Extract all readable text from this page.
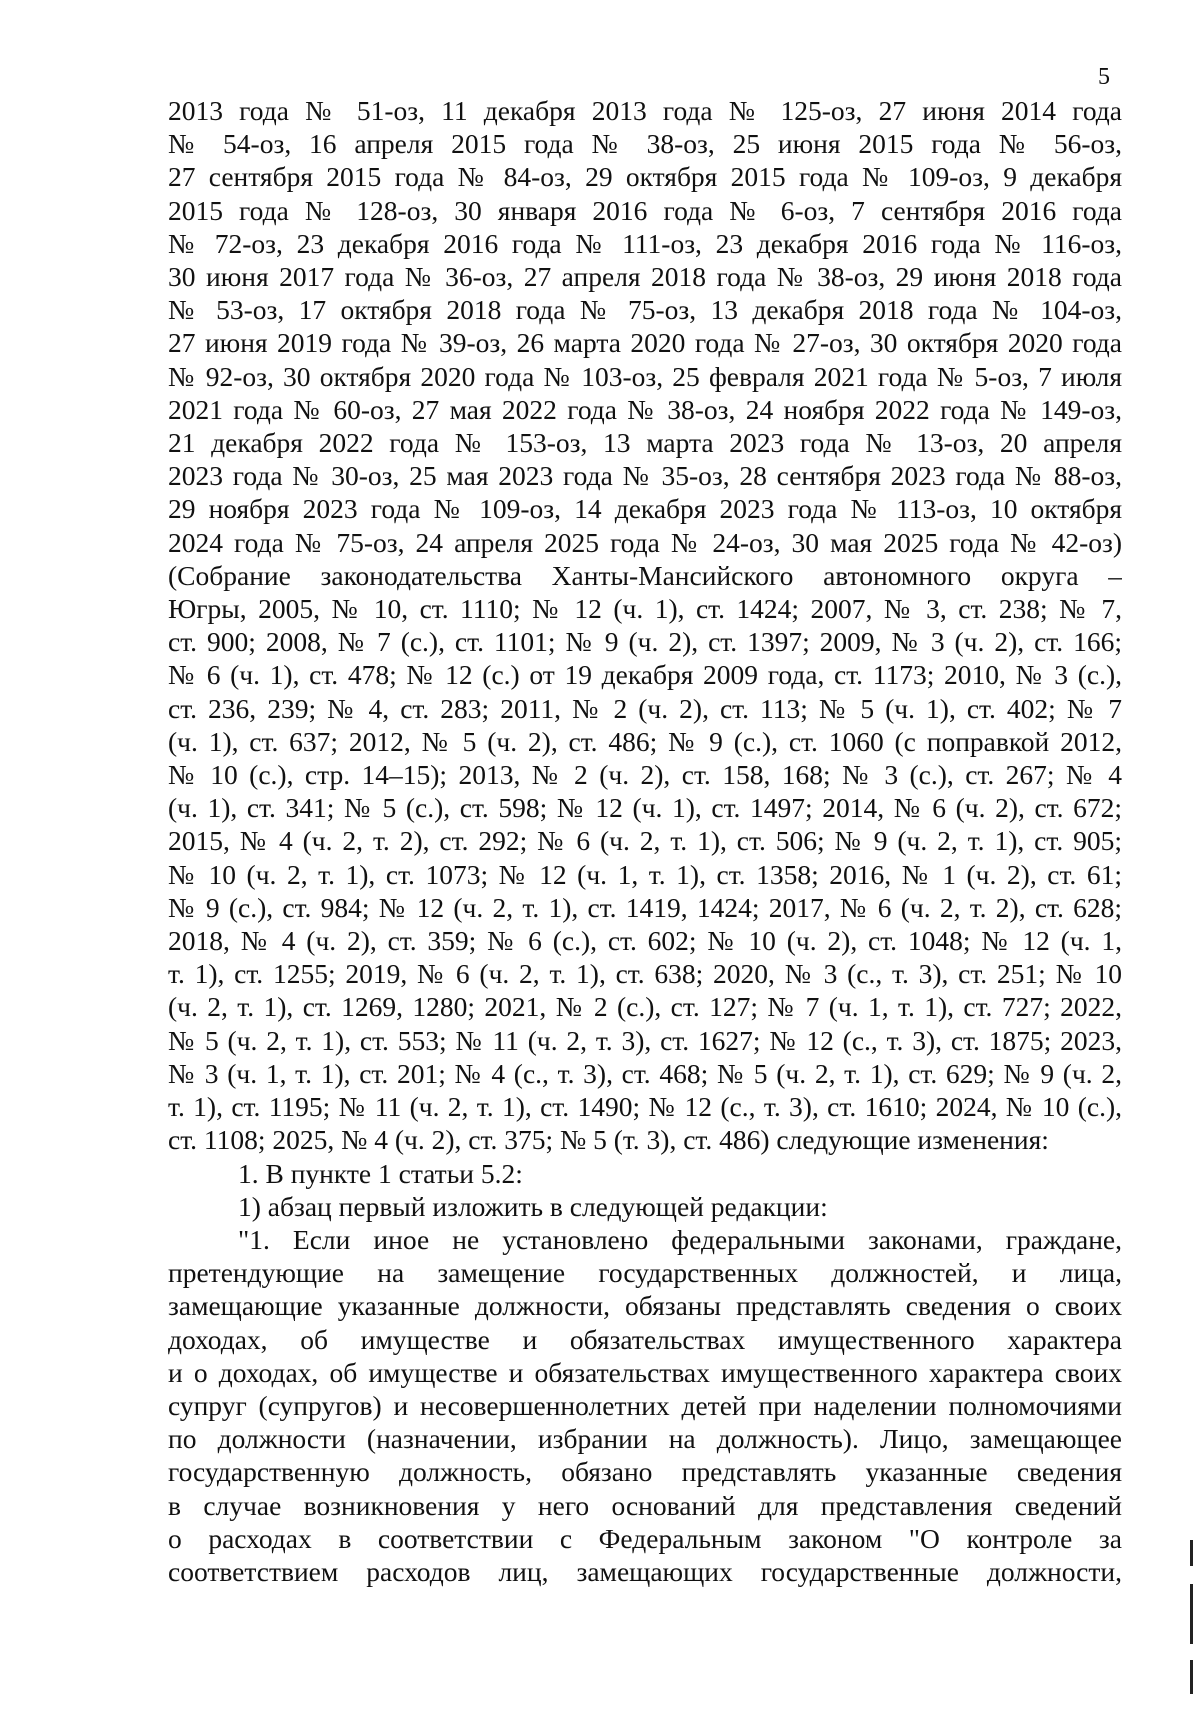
5
2013 года № 51-оз, 11 декабря 2013 года № 125-оз, 27 июня 2014 года
№ 54-оз, 16 апреля 2015 года № 38-оз, 25 июня 2015 года № 56-оз,
27 сентября 2015 года № 84-оз, 29 октября 2015 года № 109-оз, 9 декабря
2015 года № 128-оз, 30 января 2016 года № 6-оз, 7 сентября 2016 года
№ 72-оз, 23 декабря 2016 года № 111-оз, 23 декабря 2016 года № 116-оз,
30 июня 2017 года № 36-оз, 27 апреля 2018 года № 38-оз, 29 июня 2018 года
№ 53-оз, 17 октября 2018 года № 75-оз, 13 декабря 2018 года № 104-оз,
27 июня 2019 года № 39-оз, 26 марта 2020 года № 27-оз, 30 октября 2020 года
№ 92-оз, 30 октября 2020 года № 103-оз, 25 февраля 2021 года № 5-оз, 7 июля
2021 года № 60-оз, 27 мая 2022 года № 38-оз, 24 ноября 2022 года № 149-оз,
21 декабря 2022 года № 153-оз, 13 марта 2023 года № 13-оз, 20 апреля
2023 года № 30-оз, 25 мая 2023 года № 35-оз, 28 сентября 2023 года № 88-оз,
29 ноября 2023 года № 109-оз, 14 декабря 2023 года № 113-оз, 10 октября
2024 года № 75-оз, 24 апреля 2025 года № 24-оз, 30 мая 2025 года № 42-оз)
(Собрание законодательства Ханты-Мансийского автономного округа –
Югры, 2005, № 10, ст. 1110; № 12 (ч. 1), ст. 1424; 2007, № 3, ст. 238; № 7,
ст. 900; 2008, № 7 (с.), ст. 1101; № 9 (ч. 2), ст. 1397; 2009, № 3 (ч. 2), ст. 166;
№ 6 (ч. 1), ст. 478; № 12 (с.) от 19 декабря 2009 года, ст. 1173; 2010, № 3 (с.),
ст. 236, 239; № 4, ст. 283; 2011, № 2 (ч. 2), ст. 113; № 5 (ч. 1), ст. 402; № 7
(ч. 1), ст. 637; 2012, № 5 (ч. 2), ст. 486; № 9 (с.), ст. 1060 (с поправкой 2012,
№ 10 (с.), стр. 14–15); 2013, № 2 (ч. 2), ст. 158, 168; № 3 (с.), ст. 267; № 4
(ч. 1), ст. 341; № 5 (с.), ст. 598; № 12 (ч. 1), ст. 1497; 2014, № 6 (ч. 2), ст. 672;
2015, № 4 (ч. 2, т. 2), ст. 292; № 6 (ч. 2, т. 1), ст. 506; № 9 (ч. 2, т. 1), ст. 905;
№ 10 (ч. 2, т. 1), ст. 1073; № 12 (ч. 1, т. 1), ст. 1358; 2016, № 1 (ч. 2), ст. 61;
№ 9 (с.), ст. 984; № 12 (ч. 2, т. 1), ст. 1419, 1424; 2017, № 6 (ч. 2, т. 2), ст. 628;
2018, № 4 (ч. 2), ст. 359; № 6 (с.), ст. 602; № 10 (ч. 2), ст. 1048; № 12 (ч. 1,
т. 1), ст. 1255; 2019, № 6 (ч. 2, т. 1), ст. 638; 2020, № 3 (с., т. 3), ст. 251; № 10
(ч. 2, т. 1), ст. 1269, 1280; 2021, № 2 (с.), ст. 127; № 7 (ч. 1, т. 1), ст. 727; 2022,
№ 5 (ч. 2, т. 1), ст. 553; № 11 (ч. 2, т. 3), ст. 1627; № 12 (с., т. 3), ст. 1875; 2023,
№ 3 (ч. 1, т. 1), ст. 201; № 4 (с., т. 3), ст. 468; № 5 (ч. 2, т. 1), ст. 629; № 9 (ч. 2,
т. 1), ст. 1195; № 11 (ч. 2, т. 1), ст. 1490; № 12 (с., т. 3), ст. 1610; 2024, № 10 (с.),
ст. 1108; 2025, № 4 (ч. 2), ст. 375; № 5 (т. 3), ст. 486) следующие изменения:
1. В пункте 1 статьи 5.2:
1) абзац первый изложить в следующей редакции:
"1. Если иное не установлено федеральными законами, граждане,
претендующие на замещение государственных должностей, и лица,
замещающие указанные должности, обязаны представлять сведения о своих
доходах, об имуществе и обязательствах имущественного характера
и о доходах, об имуществе и обязательствах имущественного характера своих
супруг (супругов) и несовершеннолетних детей при наделении полномочиями
по должности (назначении, избрании на должность). Лицо, замещающее
государственную должность, обязано представлять указанные сведения
в случае возникновения у него оснований для представления сведений
о расходах в соответствии с Федеральным законом "О контроле за
соответствием расходов лиц, замещающих государственные должности,
